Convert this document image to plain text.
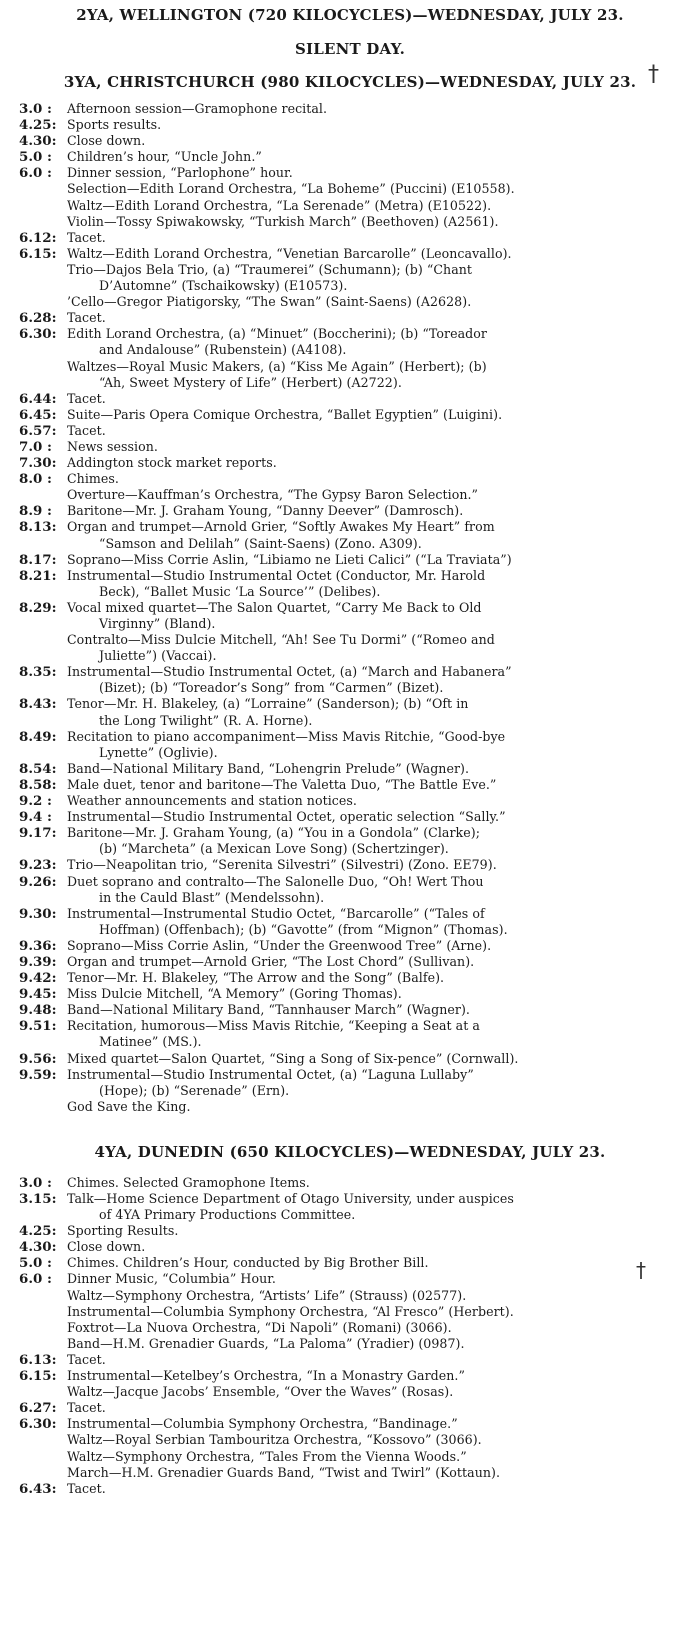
2YA, WELLINGTON (720 KILOCYCLES)—WEDNESDAY, JULY 23.
SILENT DAY.
3YA, CHRISTCHURCH (980 KILOCYCLES)—WEDNESDAY, JULY 23.
3.0 : Afternoon session—Gramophone recital.
4.25: Sports results.
4.30: Close down.
5.0 : Children’s hour, “Uncle John.”
6.0 : Dinner session, “Parlophone” hour.
Selection—Edith Lorand Orchestra, “La Boheme” (Puccini) (E10558).
Waltz—Edith Lorand Orchestra, “La Serenade” (Metra) (E10522).
Violin—Tossy Spiwakowsky, “Turkish March” (Beethoven) (A2561).
6.12: Tacet.
6.15: Waltz—Edith Lorand Orchestra, “Venetian Barcarolle” (Leoncavallo).
Trio—Dajos Bela Trio, (a) “Traumerei” (Schumann); (b) “Chant
D’Automne” (Tschaikowsky) (E10573).
’Cello—Gregor Piatigorsky, “The Swan” (Saint-Saens) (A2628).
6.28: Tacet.
6.30: Edith Lorand Orchestra, (a) “Minuet” (Boccherini); (b) “Toreador
and Andalouse” (Rubenstein) (A4108).
Waltzes—Royal Music Makers, (a) “Kiss Me Again” (Herbert); (b)
“Ah, Sweet Mystery of Life” (Herbert) (A2722).
6.44: Tacet.
6.45: Suite—Paris Opera Comique Orchestra, “Ballet Egyptien” (Luigini).
6.57: Tacet.
7.0 : News session.
7.30: Addington stock market reports.
8.0 : Chimes.
Overture—Kauffman’s Orchestra, “The Gypsy Baron Selection.”
8.9 : Baritone—Mr. J. Graham Young, “Danny Deever” (Damrosch).
8.13: Organ and trumpet—Arnold Grier, “Softly Awakes My Heart” from
“Samson and Delilah” (Saint-Saens) (Zono. A309).
8.17: Soprano—Miss Corrie Aslin, “Libiamo ne Lieti Calici” (“La Traviata”)
8.21: Instrumental—Studio Instrumental Octet (Conductor, Mr. Harold
Beck), “Ballet Music ‘La Source’” (Delibes).
8.29: Vocal mixed quartet—The Salon Quartet, “Carry Me Back to Old
Virginny” (Bland).
Contralto—Miss Dulcie Mitchell, “Ah! See Tu Dormi” (“Romeo and
Juliette”) (Vaccai).
8.35: Instrumental—Studio Instrumental Octet, (a) “March and Habanera”
(Bizet); (b) “Toreador’s Song” from “Carmen” (Bizet).
8.43: Tenor—Mr. H. Blakeley, (a) “Lorraine” (Sanderson); (b) “Oft in
the Long Twilight” (R. A. Horne).
8.49: Recitation to piano accompaniment—Miss Mavis Ritchie, “Good-bye
Lynette” (Oglivie).
8.54: Band—National Military Band, “Lohengrin Prelude” (Wagner).
8.58: Male duet, tenor and baritone—The Valetta Duo, “The Battle Eve.”
9.2 : Weather announcements and station notices.
9.4 : Instrumental—Studio Instrumental Octet, operatic selection “Sally.”
9.17: Baritone—Mr. J. Graham Young, (a) “You in a Gondola” (Clarke);
(b) “Marcheta” (a Mexican Love Song) (Schertzinger).
9.23: Trio—Neapolitan trio, “Serenita Silvestri” (Silvestri) (Zono. EE79).
9.26: Duet soprano and contralto—The Salonelle Duo, “Oh! Wert Thou
in the Cauld Blast” (Mendelssohn).
9.30: Instrumental—Instrumental Studio Octet, “Barcarolle” (“Tales of
Hoffman) (Offenbach); (b) “Gavotte” (from “Mignon” (Thomas).
9.36: Soprano—Miss Corrie Aslin, “Under the Greenwood Tree” (Arne).
9.39: Organ and trumpet—Arnold Grier, “The Lost Chord” (Sullivan).
9.42: Tenor—Mr. H. Blakeley, “The Arrow and the Song” (Balfe).
9.45: Miss Dulcie Mitchell, “A Memory” (Goring Thomas).
9.48: Band—National Military Band, “Tannhauser March” (Wagner).
9.51: Recitation, humorous—Miss Mavis Ritchie, “Keeping a Seat at a
Matinee” (MS.).
9.56: Mixed quartet—Salon Quartet, “Sing a Song of Six-pence” (Cornwall).
9.59: Instrumental—Studio Instrumental Octet, (a) “Laguna Lullaby”
(Hope); (b) “Serenade” (Ern).
God Save the King.
4YA, DUNEDIN (650 KILOCYCLES)—WEDNESDAY, JULY 23.
3.0 : Chimes. Selected Gramophone Items.
3.15: Talk—Home Science Department of Otago University, under auspices
of 4YA Primary Productions Committee.
4.25: Sporting Results.
4.30: Close down.
5.0 : Chimes. Children’s Hour, conducted by Big Brother Bill.
6.0 : Dinner Music, “Columbia” Hour.
Waltz—Symphony Orchestra, “Artists’ Life” (Strauss) (02577).
Instrumental—Columbia Symphony Orchestra, “Al Fresco” (Herbert).
Foxtrot—La Nuova Orchestra, “Di Napoli” (Romani) (3066).
Band—H.M. Grenadier Guards, “La Paloma” (Yradier) (0987).
6.13: Tacet.
6.15: Instrumental—Ketelbey’s Orchestra, “In a Monastry Garden.”
Waltz—Jacque Jacobs’ Ensemble, “Over the Waves” (Rosas).
6.27: Tacet.
6.30: Instrumental—Columbia Symphony Orchestra, “Bandinage.”
Waltz—Royal Serbian Tambouritza Orchestra, “Kossovo” (3066).
Waltz—Symphony Orchestra, “Tales From the Vienna Woods.”
March—H.M. Grenadier Guards Band, “Twist and Twirl” (Kottaun).
6.43: Tacet.
†
†
